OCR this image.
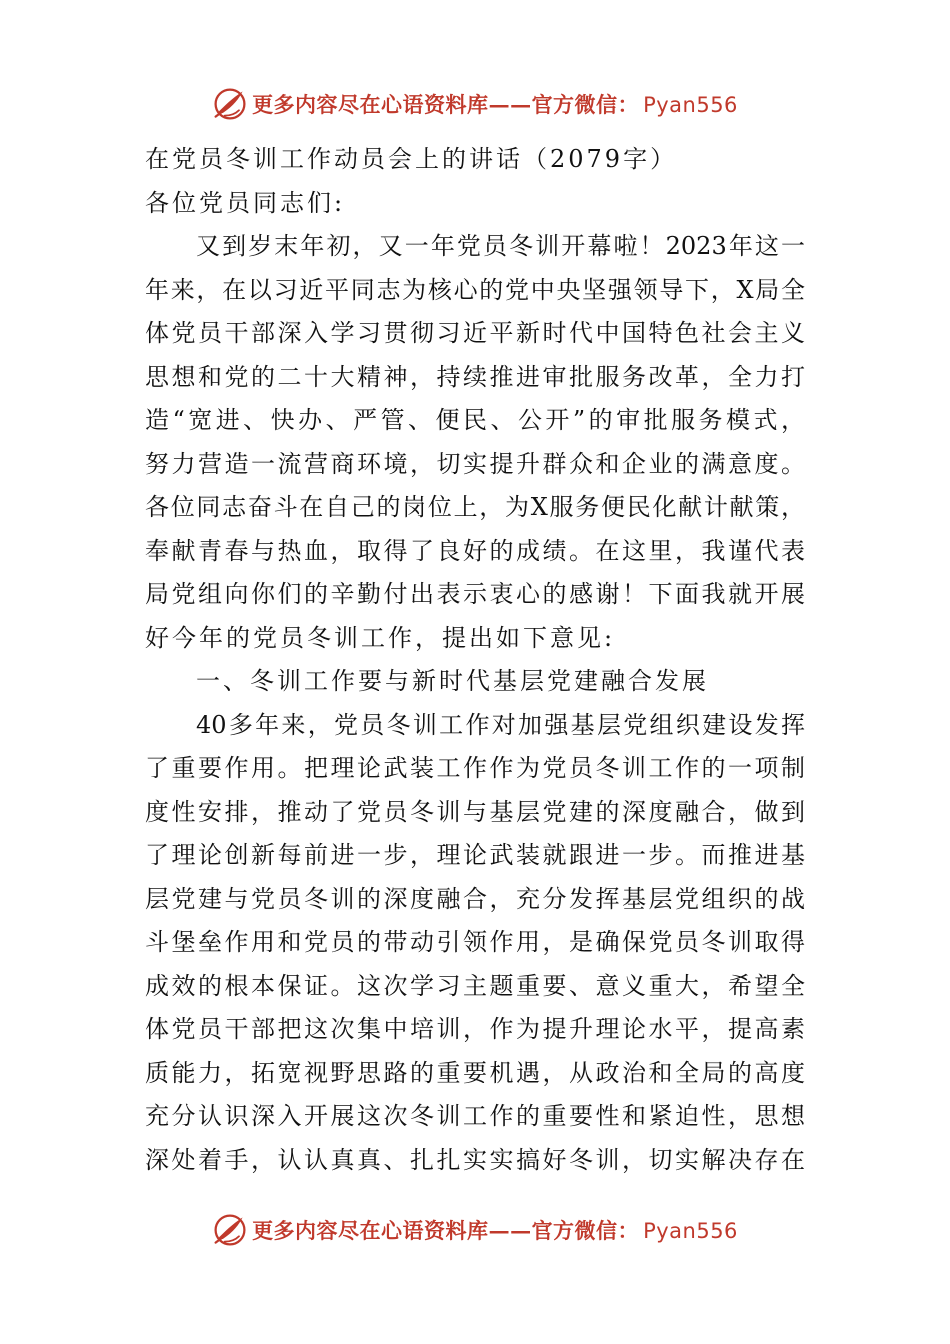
更多内容尽在心语资料库——官方微信： Pyan556
在党员冬训工作动员会上的讲话（2079字）
各位党员同志们:
又到岁末年初，又一年党员冬训开幕啦！2023年这一
年来，在以习近平同志为核心的党中央坚强领导下，X局全
体党员干部深入学习贯彻习近平新时代中国特色社会主义
思想和党的二十大精神，持续推进审批服务改革，全力打
造“宽进、快办、严管、便民、公开”的审批服务模式，
努力营造一流营商环境，切实提升群众和企业的满意度。
各位同志奋斗在自己的岗位上，为X服务便民化献计献策，
奉献青春与热血，取得了良好的成绩。在这里，我谨代表
局党组向你们的辛勤付出表示衷心的感谢！下面我就开展
好今年的党员冬训工作，提出如下意见:
一、冬训工作要与新时代基层党建融合发展
40多年来，党员冬训工作对加强基层党组织建设发挥
了重要作用。把理论武装工作作为党员冬训工作的一项制
度性安排，推动了党员冬训与基层党建的深度融合，做到
了理论创新每前进一步，理论武装就跟进一步。而推进基
层党建与党员冬训的深度融合，充分发挥基层党组织的战
斗堡垒作用和党员的带动引领作用，是确保党员冬训取得
成效的根本保证。这次学习主题重要、意义重大，希望全
体党员干部把这次集中培训，作为提升理论水平，提高素
质能力，拓宽视野思路的重要机遇，从政治和全局的高度
充分认识深入开展这次冬训工作的重要性和紧迫性，思想
深处着手，认认真真、扎扎实实搞好冬训，切实解决存在
更多内容尽在心语资料库——官方微信： Pyan556
